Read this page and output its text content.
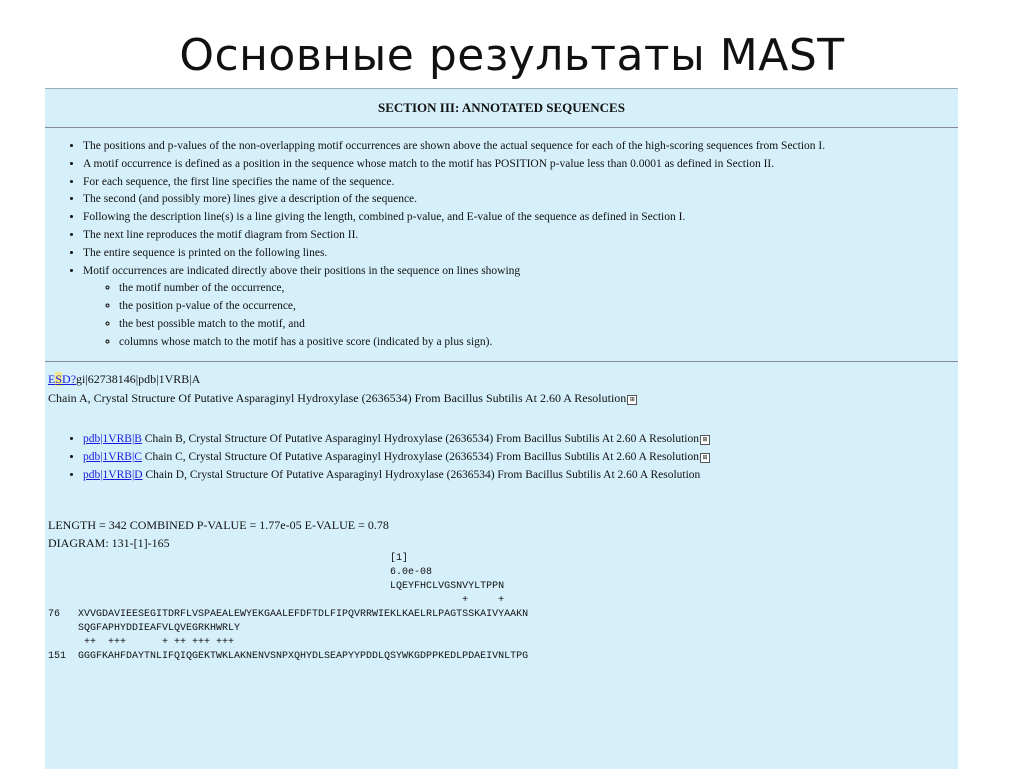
Основные результаты MAST
SECTION III: ANNOTATED SEQUENCES
• The positions and p-values of the non-overlapping motif occurrences are shown above the actual sequence for each of the high-scoring sequences from Section I.
• A motif occurrence is defined as a position in the sequence whose match to the motif has POSITION p-value less than 0.0001 as defined in Section II.
• For each sequence, the first line specifies the name of the sequence.
• The second (and possibly more) lines give a description of the sequence.
• Following the description line(s) is a line giving the length, combined p-value, and E-value of the sequence as defined in Section I.
• The next line reproduces the motif diagram from Section II.
• The entire sequence is printed on the following lines.
• Motif occurrences are indicated directly above their positions in the sequence on lines showing
◦ the motif number of the occurrence,
◦ the position p-value of the occurrence,
◦ the best possible match to the motif, and
◦ columns whose match to the motif has a positive score (indicated by a plus sign).
ESD?gi|62738146|pdb|1VRB|A
Chain A, Crystal Structure Of Putative Asparaginyl Hydroxylase (2636534) From Bacillus Subtilis At 2.60 A Resolution ⊞
• pdb|1VRB|B Chain B, Crystal Structure Of Putative Asparaginyl Hydroxylase (2636534) From Bacillus Subtilis At 2.60 A Resolution ⊞
• pdb|1VRB|C Chain C, Crystal Structure Of Putative Asparaginyl Hydroxylase (2636534) From Bacillus Subtilis At 2.60 A Resolution ⊞
• pdb|1VRB|D Chain D, Crystal Structure Of Putative Asparaginyl Hydroxylase (2636534) From Bacillus Subtilis At 2.60 A Resolution
LENGTH = 342 COMBINED P-VALUE = 1.77e-05 E-VALUE = 0.78
DIAGRAM: 131-[1]-165
[1]
6.0e-08
LQEYFHCLVGSNVYLTPPN
+     +
76   XVVGDAVIEESEGITDRFLVSPAEALEWYEKGAALEFDFTDLFIPQVRRWIEKLKAELRLPAGTSSKAIVYAAKN
SQGFAPHYDDIEAFVLQVEGRKHWRLY
++  +++      + ++ +++ +++
151  GGGFKAHFDAYTNLIFQIQGEKTWKLAKNENVSNPXQHYDLSEAPYYPDDLQSYWKGDPPKEDLPDAEIVNLTPG
